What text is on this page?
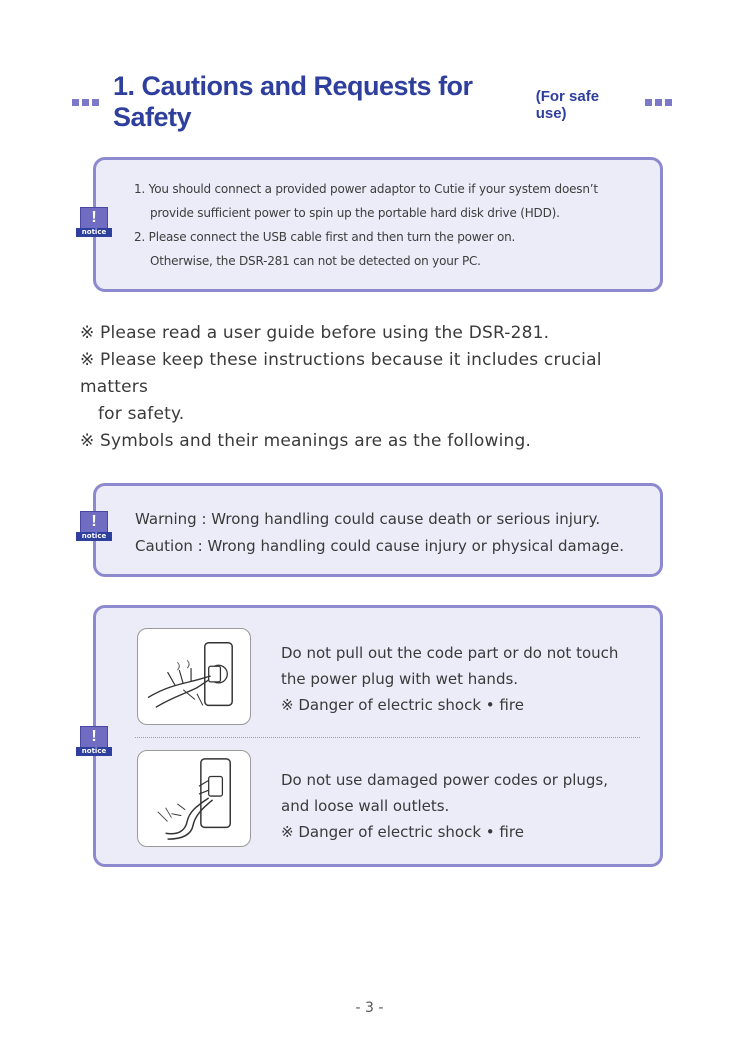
1. Cautions and Requests for Safety
(For safe use)
!
notice
1. You should connect a provided power adaptor to Cutie if your system doesn’t
provide sufficient power to spin up the portable hard disk drive (HDD).
2. Please connect the USB cable first and then turn the power on.
Otherwise, the DSR-281 can not be detected on your PC.
※ Please read a user guide before using the DSR-281.
※ Please keep these instructions because it includes crucial matters
for safety.
※ Symbols and their meanings are as the following.
!
notice
Warning : Wrong handling could cause death or serious injury.
Caution : Wrong handling could cause injury or physical damage.
!
notice
Do not pull out the code part or do not touch
the power plug with wet hands.
※ Danger of electric shock • fire
Do not use damaged power codes or plugs,
and loose wall outlets.
※ Danger of electric shock • fire
- 3 -
